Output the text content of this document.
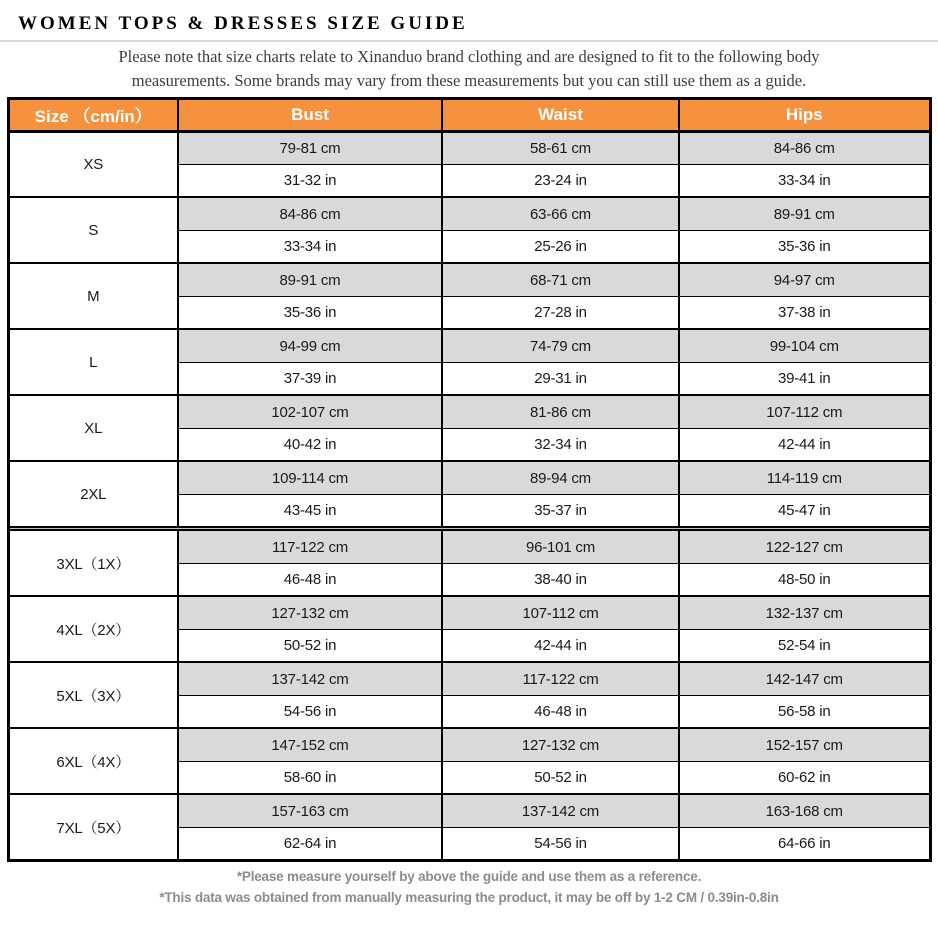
WOMEN TOPS & DRESSES SIZE GUIDE
Please note that size charts relate to Xinanduo brand clothing and are designed to fit to the following body
measurements. Some brands may vary from these measurements but you can still use them as a guide.
Size （cm/in）	Bust	Waist	Hips
XS	79-81 cm	58-61 cm	84-86 cm
	31-32 in	23-24 in	33-34 in
S	84-86 cm	63-66 cm	89-91 cm
	33-34 in	25-26 in	35-36 in
M	89-91 cm	68-71 cm	94-97 cm
	35-36 in	27-28 in	37-38 in
L	94-99 cm	74-79 cm	99-104 cm
	37-39 in	29-31 in	39-41 in
XL	102-107 cm	81-86 cm	107-112 cm
	40-42 in	32-34 in	42-44 in
2XL	109-114 cm	89-94 cm	114-119 cm
	43-45 in	35-37 in	45-47 in

3XL（1X）	117-122 cm	96-101 cm	122-127 cm
	46-48 in	38-40 in	48-50 in
4XL（2X）	127-132 cm	107-112 cm	132-137 cm
	50-52 in	42-44 in	52-54 in
5XL（3X）	137-142 cm	117-122 cm	142-147 cm
	54-56 in	46-48 in	56-58 in
6XL（4X）	147-152 cm	127-132 cm	152-157 cm
	58-60 in	50-52 in	60-62 in
7XL（5X）	157-163 cm	137-142 cm	163-168 cm
	62-64 in	54-56 in	64-66 in
*Please measure yourself by above the guide and use them as a reference.
*This data was obtained from manually measuring the product, it may be off by 1-2 CM / 0.39in-0.8in
